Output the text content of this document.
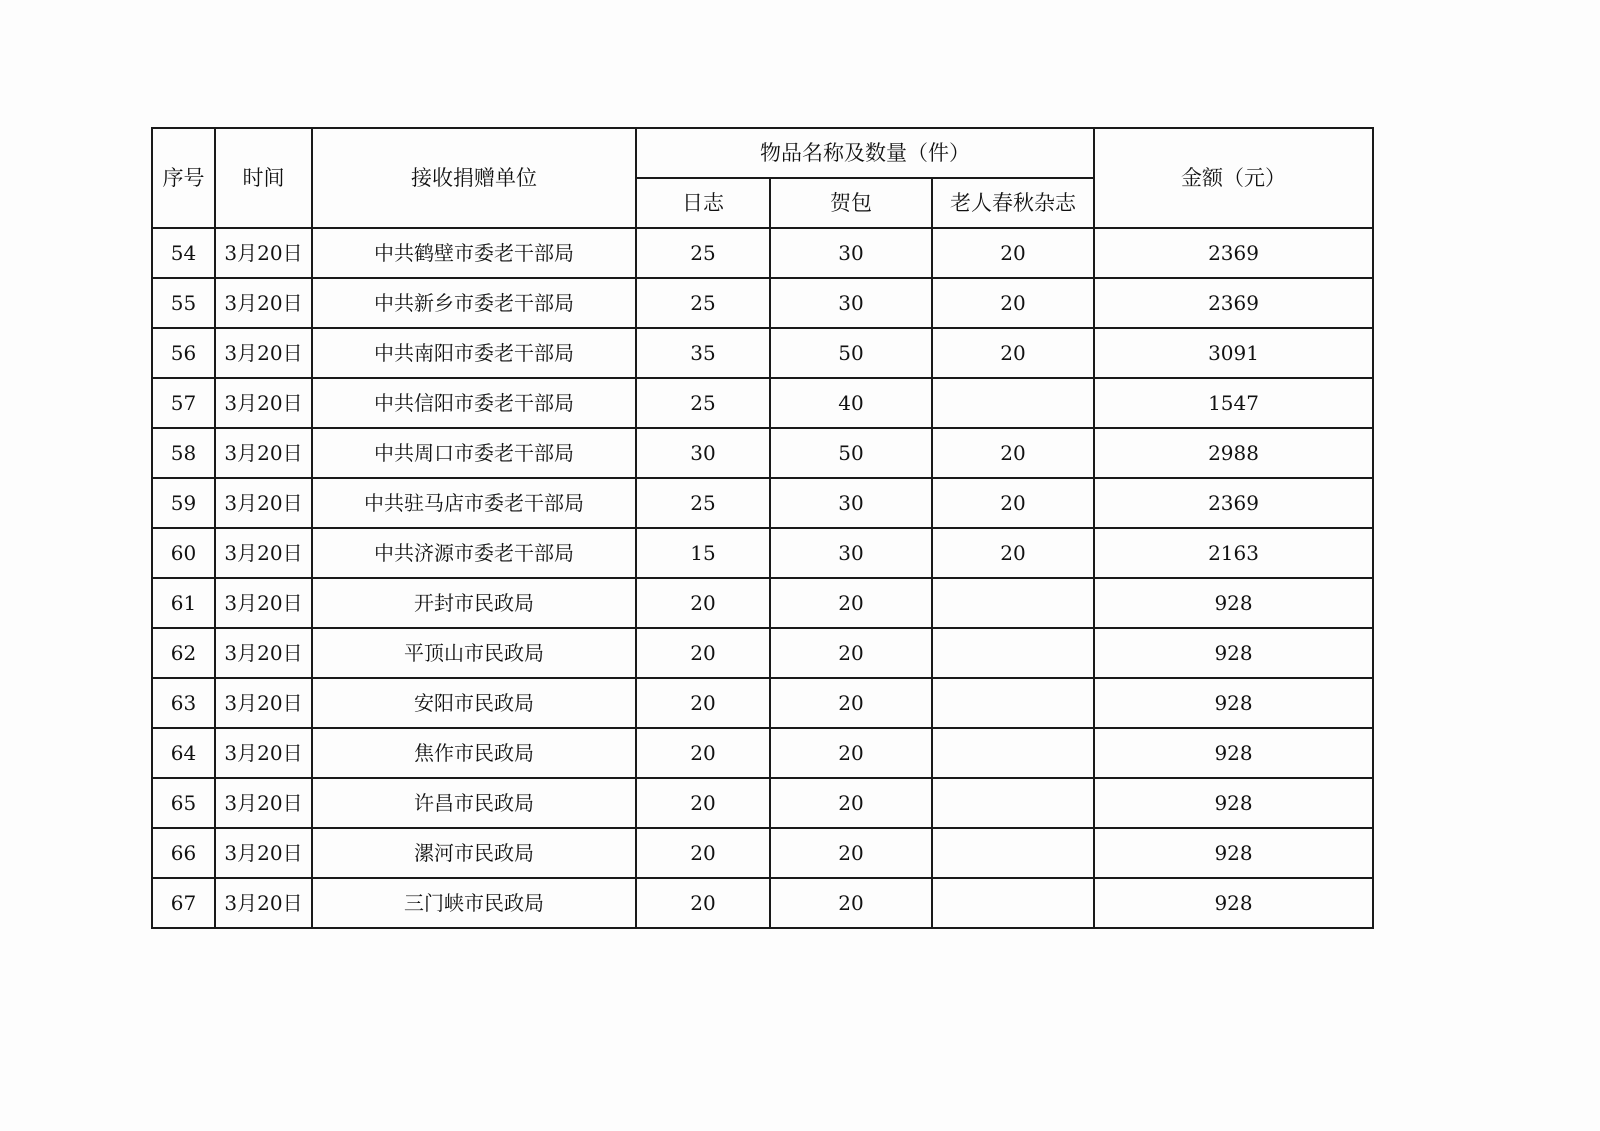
序号	时间	接收捐赠单位	物品名称及数量（件）			金额（元）
			日志	贺包	老人春秋杂志	
54	3月20日	中共鹤壁市委老干部局	25	30	20	2369
55	3月20日	中共新乡市委老干部局	25	30	20	2369
56	3月20日	中共南阳市委老干部局	35	50	20	3091
57	3月20日	中共信阳市委老干部局	25	40		1547
58	3月20日	中共周口市委老干部局	30	50	20	2988
59	3月20日	中共驻马店市委老干部局	25	30	20	2369
60	3月20日	中共济源市委老干部局	15	30	20	2163
61	3月20日	开封市民政局	20	20		928
62	3月20日	平顶山市民政局	20	20		928
63	3月20日	安阳市民政局	20	20		928
64	3月20日	焦作市民政局	20	20		928
65	3月20日	许昌市民政局	20	20		928
66	3月20日	漯河市民政局	20	20		928
67	3月20日	三门峡市民政局	20	20		928
